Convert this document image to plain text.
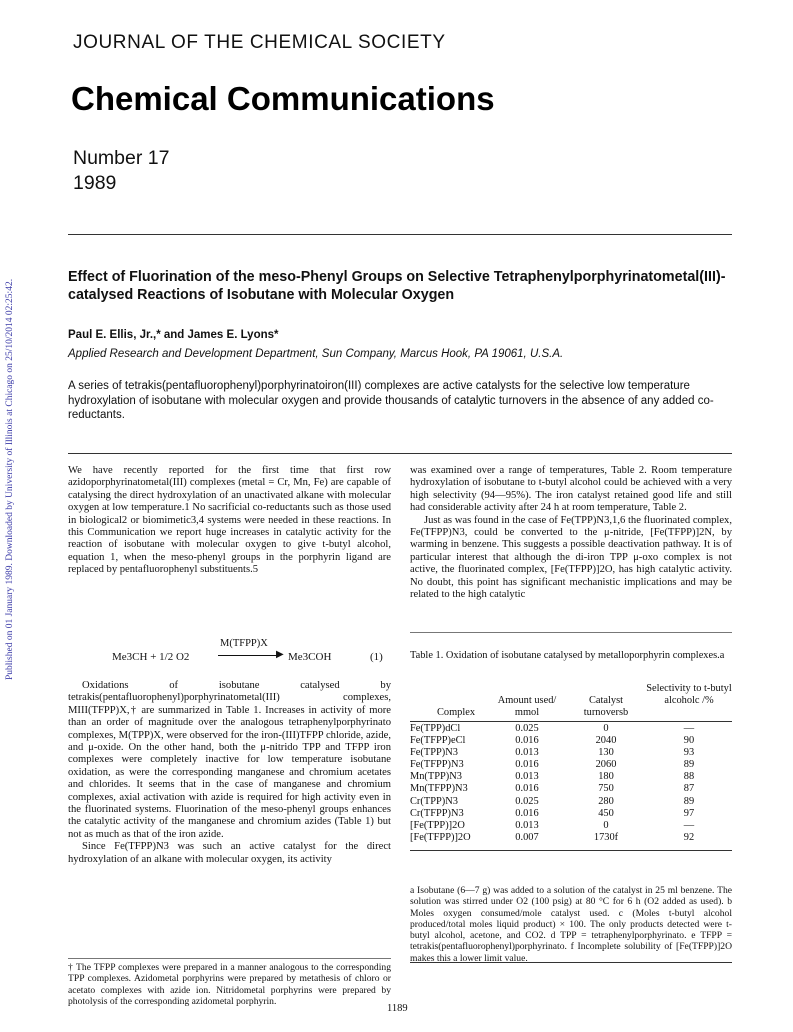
Published on 01 January 1989. Downloaded by University of Illinois at Chicago on 25/10/2014 02:25:42.
JOURNAL OF THE CHEMICAL SOCIETY
Chemical Communications
Number 17
1989
Effect of Fluorination of the meso-Phenyl Groups on Selective Tetraphenylporphyrinatometal(III)-catalysed Reactions of Isobutane with Molecular Oxygen
Paul E. Ellis, Jr.,* and James E. Lyons*
Applied Research and Development Department, Sun Company, Marcus Hook, PA 19061, U.S.A.
A series of tetrakis(pentafluorophenyl)porphyrinatoiron(III) complexes are active catalysts for the selective low temperature hydroxylation of isobutane with molecular oxygen and provide thousands of catalytic turnovers in the absence of any added co-reductants.

We have recently reported for the first time that first row azidoporphyrinatometal(III) complexes (metal = Cr, Mn, Fe) are capable of catalysing the direct hydroxylation of an unactivated alkane with molecular oxygen at low temperature.1 No sacrificial co-reductants such as those used in biological2 or biomimetic3,4 systems were needed in these reactions. In this Communication we report huge increases in catalytic activity for the reaction of isobutane with molecular oxygen to give t-butyl alcohol, equation 1, when the meso-phenyl groups in the porphyrin ligand are replaced by pentafluorophenyl substituents.5

Me3CH + 1/2 O2
M(TFPP)X
▶ Me3COH	(1)

Oxidations of isobutane catalysed by tetrakis(pentafluorophenyl)porphyrinatometal(III) complexes, MIII(TFPP)X,† are summarized in Table 1. Increases in activity of more than an order of magnitude over the analogous tetraphenylporphyrinato complexes, M(TPP)X, were observed for the iron-(III)TFPP chloride, azide, and μ-oxide. On the other hand, both the μ-nitrido TPP and TFPP iron complexes were completely inactive for low temperature isobutane oxidation, as were the corresponding manganese and chromium acetates and chlorides. It seems that in the case of manganese and chromium complexes, axial activation with azide is required for high activity even in the fluorinated systems. Fluorination of the meso-phenyl groups enhances the catalytic activity of the manganese and chromium azides (Table 1) but not as much as that of the iron azide.

Since Fe(TFPP)N3 was such an active catalyst for the direct hydroxylation of an alkane with molecular oxygen, its activity

† The TFPP complexes were prepared in a manner analogous to the corresponding TPP complexes. Azidometal porphyrins were prepared by metathesis of chloro or acetato complexes with azide ion. Nitridometal porphyrins were prepared by photolysis of the corresponding azidometal porphyrin.

was examined over a range of temperatures, Table 2. Room temperature hydroxylation of isobutane to t-butyl alcohol could be achieved with a very high selectivity (94—95%). The iron catalyst retained good life and still had considerable activity after 24 h at room temperature, Table 2.

Just as was found in the case of Fe(TPP)N3,1,6 the fluorinated complex, Fe(TFPP)N3, could be converted to the μ-nitride, [Fe(TFPP)]2N, by warming in benzene. This suggests a possible deactivation pathway. It is of particular interest that although the di-iron TPP μ-oxo complex is not active, the fluorinated complex, [Fe(TFPP)]2O, has high catalytic activity. No doubt, this point has significant mechanistic implications and may be related to the high catalytic

Table 1. Oxidation of isobutane catalysed by metalloporphyrin complexes.a
Complex
Amount used/ mmol
Catalyst turnoversb
Selectivity to t-butyl alcoholc /%
Fe(TPP)dCl	0.025	0	—
Fe(TFPP)eCl	0.016	2040	90
Fe(TPP)N3	0.013	130	93
Fe(TFPP)N3	0.016	2060	89
Mn(TPP)N3	0.013	180	88
Mn(TFPP)N3	0.016	750	87
Cr(TPP)N3	0.025	280	89
Cr(TFPP)N3	0.016	450	97
[Fe(TPP)]2O	0.013	0	—
[Fe(TFPP)]2O	0.007	1730f	92
a Isobutane (6—7 g) was added to a solution of the catalyst in 25 ml benzene. The solution was stirred under O2 (100 psig) at 80 °C for 6 h (O2 added as used). b Moles oxygen consumed/mole catalyst used. c (Moles t-butyl alcohol produced/total moles liquid product) × 100. The only products detected were t-butyl alcohol, acetone, and CO2. d TPP = tetraphenylporphyrinato. e TFPP = tetrakis(pentafluorophenyl)porphyrinato. f Incomplete solubility of [Fe(TFPP)]2O makes this a lower limit value.
1189
